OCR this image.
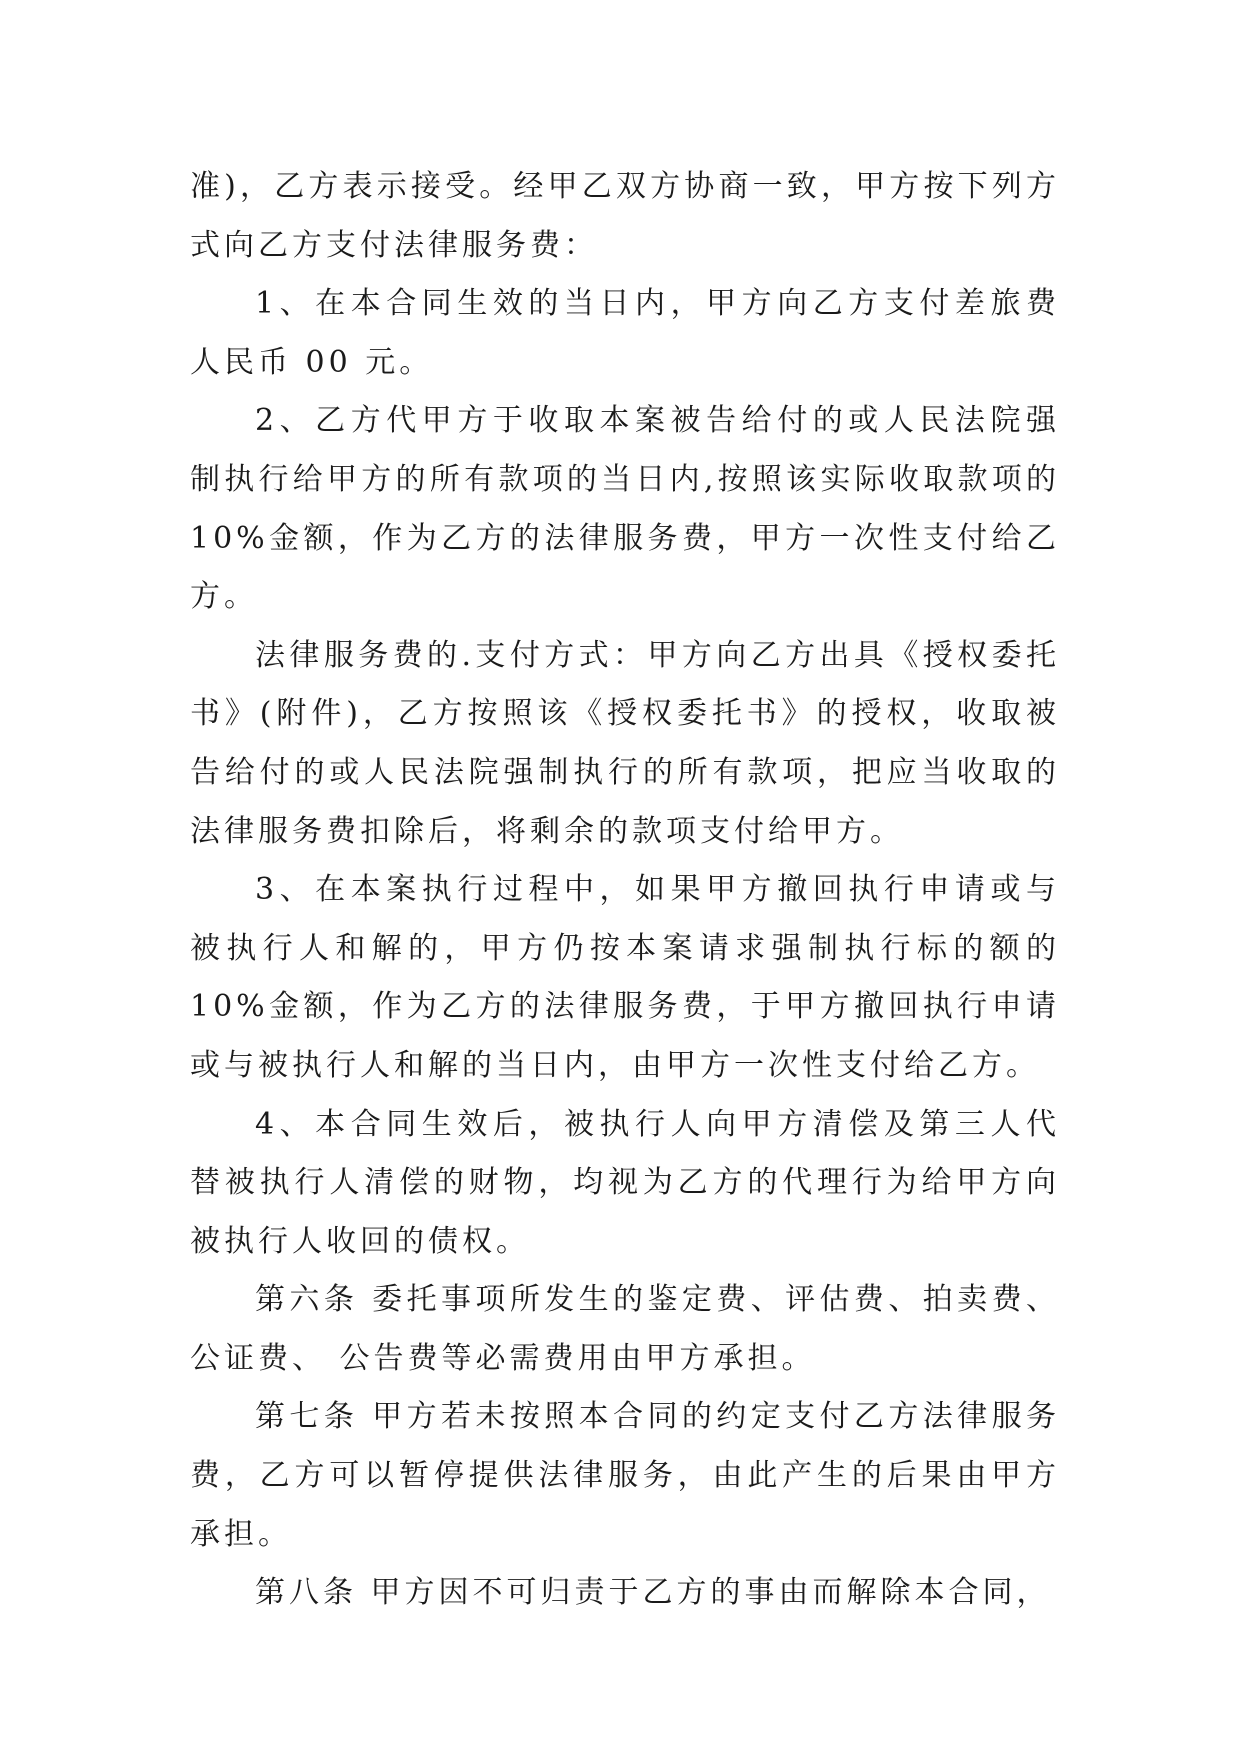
准)，乙方表示接受。经甲乙双方协商一致，甲方按下列方式向乙方支付法律服务费：

1、在本合同生效的当日内，甲方向乙方支付差旅费人民币 00 元。

2、乙方代甲方于收取本案被告给付的或人民法院强制执行给甲方的所有款项的当日内,按照该实际收取款项的10%金额，作为乙方的法律服务费，甲方一次性支付给乙方。

法律服务费的.支付方式：甲方向乙方出具《授权委托书》(附件)，乙方按照该《授权委托书》的授权，收取被告给付的或人民法院强制执行的所有款项，把应当收取的法律服务费扣除后，将剩余的款项支付给甲方。

3、在本案执行过程中，如果甲方撤回执行申请或与被执行人和解的，甲方仍按本案请求强制执行标的额的10%金额，作为乙方的法律服务费，于甲方撤回执行申请或与被执行人和解的当日内，由甲方一次性支付给乙方。

4、本合同生效后，被执行人向甲方清偿及第三人代替被执行人清偿的财物，均视为乙方的代理行为给甲方向被执行人收回的债权。

第六条 委托事项所发生的鉴定费、评估费、拍卖费、公证费、 公告费等必需费用由甲方承担。

第七条 甲方若未按照本合同的约定支付乙方法律服务费，乙方可以暂停提供法律服务，由此产生的后果由甲方承担。

第八条 甲方因不可归责于乙方的事由而解除本合同，
